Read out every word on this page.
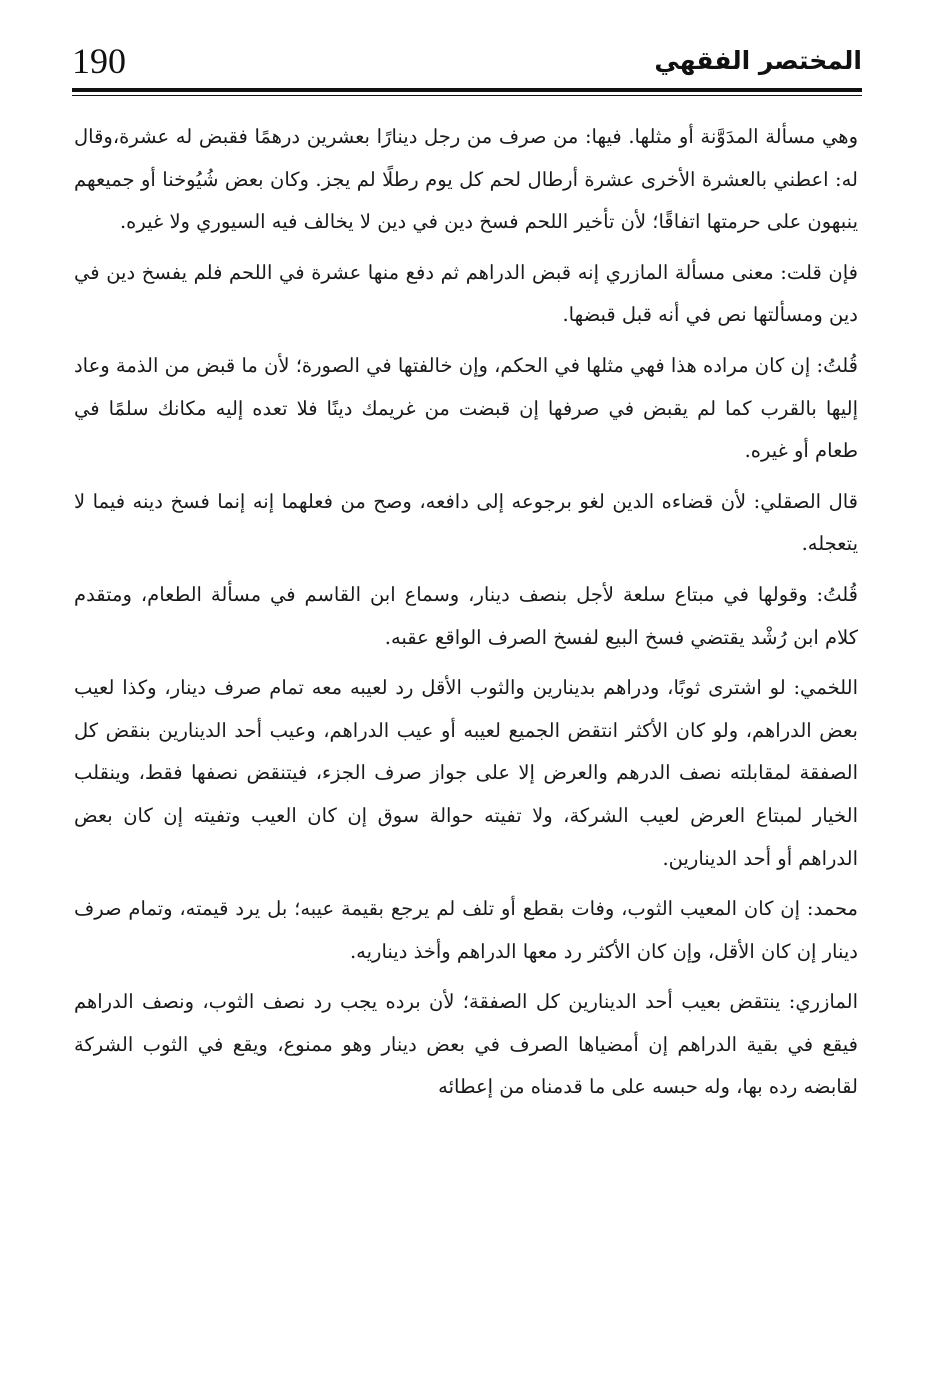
المختصر الفقهي
190

وهي مسألة المدَوَّنة أو مثلها. فيها: من صرف من رجل دينارًا بعشرين درهمًا فقبض له عشرة،وقال له: اعطني بالعشرة الأخرى عشرة أرطال لحم كل يوم رطلًا لم يجز. وكان بعض شُيُوخنا أو جميعهم ينبهون على حرمتها اتفاقًا؛ لأن تأخير اللحم فسخ دين في دين لا يخالف فيه السيوري ولا غيره.

فإن قلت: معنى مسألة المازري إنه قبض الدراهم ثم دفع منها عشرة في اللحم فلم يفسخ دين في دين ومسألتها نص في أنه قبل قبضها.

قُلتُ: إن كان مراده هذا فهي مثلها في الحكم، وإن خالفتها في الصورة؛ لأن ما قبض من الذمة وعاد إليها بالقرب كما لم يقبض في صرفها إن قبضت من غريمك دينًا فلا تعده إليه مكانك سلمًا في طعام أو غيره.

قال الصقلي: لأن قضاءه الدين لغو برجوعه إلى دافعه، وصح من فعلهما إنه إنما فسخ دينه فيما لا يتعجله.

قُلتُ: وقولها في مبتاع سلعة لأجل بنصف دينار، وسماع ابن القاسم في مسألة الطعام، ومتقدم كلام ابن رُشْد يقتضي فسخ البيع لفسخ الصرف الواقع عقبه.

اللخمي: لو اشترى ثوبًا، ودراهم بدينارين والثوب الأقل رد لعيبه معه تمام صرف دينار، وكذا لعيب بعض الدراهم، ولو كان الأكثر انتقض الجميع لعيبه أو عيب الدراهم، وعيب أحد الدينارين بنقض كل الصفقة لمقابلته نصف الدرهم والعرض إلا على جواز صرف الجزء، فيتنقض نصفها فقط، وينقلب الخيار لمبتاع العرض لعيب الشركة، ولا تفيته حوالة سوق إن كان العيب وتفيته إن كان بعض الدراهم أو أحد الدينارين.

محمد: إن كان المعيب الثوب، وفات بقطع أو تلف لم يرجع بقيمة عيبه؛ بل يرد قيمته، وتمام صرف دينار إن كان الأقل، وإن كان الأكثر رد معها الدراهم وأخذ ديناريه.

المازري: ينتقض بعيب أحد الدينارين كل الصفقة؛ لأن برده يجب رد نصف الثوب، ونصف الدراهم فيقع في بقية الدراهم إن أمضياها الصرف في بعض دينار وهو ممنوع، ويقع في الثوب الشركة لقابضه رده بها، وله حبسه على ما قدمناه من إعطائه
